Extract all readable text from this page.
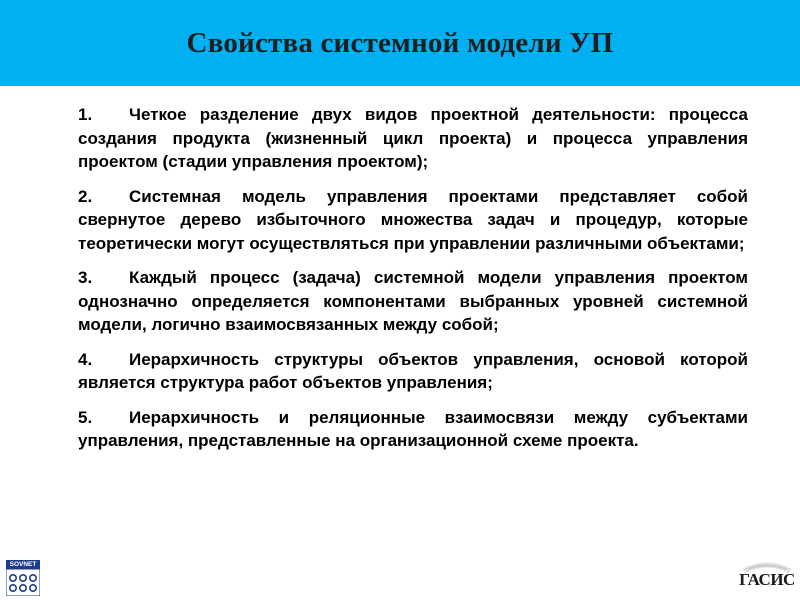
Свойства системной модели УП

1. Четкое разделение двух видов проектной деятельности: процесса создания продукта (жизненный цикл проекта) и процесса управления проектом (стадии управления проектом);

2. Системная модель управления проектами представляет собой свернутое дерево избыточного множества задач и процедур, которые теоретически могут осуществляться при управлении различными объектами;

3. Каждый процесс (задача) системной модели управления проектом однозначно определяется компонентами выбранных уровней системной модели, логично взаимосвязанных между собой;

4. Иерархичность структуры объектов управления, основой которой является структура работ объектов управления;

5. Иерархичность и реляционные взаимосвязи между субъектами управления, представленные на организационной схеме проекта.

SOVNET
ГАСИС
